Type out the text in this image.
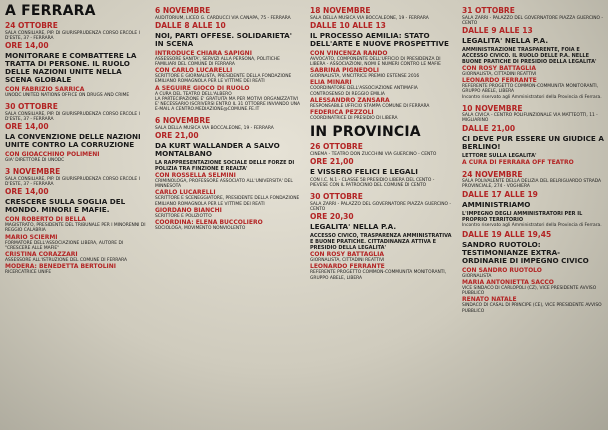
A FERRARA
24 OTTOBRE
SALA CONSILIARE, PIP. DI GIURISPRUDENZA CORSO ERCOLE I D'ESTE, 37 - FERRARA
ORE 14,00
MONITORARE E COMBATTERE LA TRATTA DI PERSONE. IL RUOLO DELLE NAZIONI UNITE NELLA SCENA GLOBALE
CON FABRIZIO SARRICA
UNODC UNITED NATIONS OFFICE ON DRUGS AND CRIME
30 OTTOBRE
SALA CONSILIARE, PIP. DI GIURISPRUDENZA CORSO ERCOLE I D'ESTE, 37 - FERRARA
ORE 14,00
LA CONVENZIONE DELLE NAZIONI UNITE CONTRO LA CORRUZIONE
CON GIOACCHINO POLIMENI
GIA' DIRETTORE DI UNODC
3 NOVEMBRE
SALA CONSILIARE, PIP. DI GIURISPRUDENZA CORSO ERCOLE I D'ESTE, 37 - FERRARA
ORE 14,00
CRESCERE SULLA SOGLIA DEL MONDO. MINORI E MAFIE.
CON ROBERTO DI BELLA
MAGISTRATO, PRESIDENTE DEL TRIBUNALE PER I MINORENNI DI REGGIO CALABRIA
MARIO SCIERMI
FORMATORE DELL'ASSOCIAZIONE LIBERA, AUTORE DI "CRESCERE ALLE MAFIE"
CRISTINA CORAZZARI
ASSESSORE ALL'ISTRUZIONE DEL COMUNE DI FERRARA
MODERA: BENEDETTA BERTOLINI
RICERCATRICE UNIFE
6 NOVEMBRE
AUDITORIUM, LICEO G. CARDUCCI VIA CANAPA, 75 - FERRARA
DALLE 8 ALLE 10
NOI, PARTI OFFESE. SOLIDARIETA' IN SCENA
INTRODUCE CHIARA SAPIGNI
ASSESSORE SANITA', SERVIZI ALLA PERSONA, POLITICHE FAMILIARI DEL COMUNE DI FERRARA
CON CARLO LUCARELLI
SCRITTORE E GIORNALISTA, PRESIDENTE DELLA FONDAZIONE EMILIANO ROMAGNOLA PER LE VITTIME DEI REATI
A SEGUIRE GIOCO DI RUOLO
A CURA DEL TEATRO DELL'ALBERO
LA PARTECIPAZIONE E' GRATUITA MA PER MOTIVI ORGANIZZATIVI E' NECESSARIO ISCRIVERSI ENTRO IL 31 OTTOBRE INVIANDO UNA E-MAIL A CENTRO.MEDIAZIONE@COMUNE.FE.IT
6 NOVEMBRE
SALA DELLA MUSICA VIA BOCCALEONE, 19 - FERRARA
ORE 21,00
DA KURT WALLANDER A SALVO MONTALBANO
LA RAPPRESENTAZIONE SOCIALE DELLE FORZE DI POLIZIA TRA FINZIONE E REALTA'
CON ROSSELLA SELMINI
CRIMINOLOGA, PROFESSORE ASSOCIATO ALL'UNIVERSITA' DEL MINNESOTA
CARLO LUCARELLI
SCRITTORE E SCENEGGIATORE, PRESIDENTE DELLA FONDAZIONE EMILIANO ROMAGNOLA PER LE VITTIME DEI REATI
GIORDANO BIANCHI
SCRITTORE E POLIZIOTTO
COORDINA: ELENA BUCCOLIERO
SOCIOLOGA, MOVIMENTO NONVIOLENTO
18 NOVEMBRE
SALA DELLA MUSICA VIA BOCCALEONE, 19 - FERRARA
DALLE 10 ALLE 13
IL PROCESSO AEMILIA: STATO DELL'ARTE E NUOVE PROSPETTIVE
CON VINCENZA RANDO
AVVOCATO, COMPONENTE DELL'UFFICIO DI PRESIDENZA DI LIBERA - ASSOCIAZIONI, NOMI E NUMERI CONTRO LE MAFIE
SABRINA PIGNEDOLI
GIORNALISTA, VINCITRICE PREMIO ESTENSE 2016
ELIA MINARI
COORDINATORE DELL'ASSOCIAZIONE ANTIMAFIA CONTROSENSO DI REGGIO EMILIA
ALESSANDRO ZANSARA
RESPONSABILE UFFICIO STAMPA COMUNE DI FERRARA
FEDERICA PEZZOLI
COORDINATRICE DI PRESIDIO DI LIBERA
IN PROVINCIA
26 OTTOBRE
CINEMA - TEATRO DON ZUCCHINI VIA GUERCINO - CENTO
ORE 21,00
E VISSERO FELICI E LEGALI
CON I.C. N.1 - CLASSE 5B PRESIDIO LIBERA DEL CENTO - PIEVESE CON IL PATROCINIO DEL COMUNE DI CENTO
30 OTTOBRE
SALA ZARRI - PALAZZO DEL GOVERNATORE PIAZZA GUERCINO - CENTO
ORE 20,30
LEGALITA' NELLA P.A.
ACCESSO CIVICO, TRASPARENZA AMMINISTRATIVA E BUONE PRATICHE. CITTADINANZA ATTIVA E PRESIDIO DELLA LEGALITA'
CON ROSY BATTAGLIA
GIORNALISTA, CITTADINI REATTIVI
LEONARDO FERRANTE
REFERENTE PROGETTO COMMON-COMMUNITA MONITORANTI, GRUPPO ABELE, LIBERA
31 OTTOBRE
SALA ZARRI - PALAZZO DEL GOVERNATORE PIAZZA GUERCINO - CENTO
DALLE 9 ALLE 13
LEGALITA' NELLA P.A.
AMMINISTRAZIONE TRASPARENTE, FOIA E ACCESSO CIVICO. IL RUOLO DELLE P.A. NELLE BUONE PRATICHE DI PRESIDIO DELLA LEGALITA'
CON ROSY BATTAGLIA
GIORNALISTA, CITTADINI REATTIVI
LEONARDO FERRANTE
REFERENTE PROGETTO COMMON-COMMUNITA MONITORANTI, GRUPPO ABELE, LIBERA
Incontro riservato agli Amministratori della Provincia di Ferrara.
10 NOVEMBRE
SALA CIVICA - CENTRO POLIFUNZIONALE VIA MATTEOTTI, 11 - MIGLIARINO
DALLE 21,00
CI DEVE PUR ESSERE UN GIUDICE A BERLINO!
LETTORE SULLA LEGALITA'
A CURA DI FERRARA OFF TEATRO
24 NOVEMBRE
SALA POLIVALENTE DELLA DELIZIA DEL BELRIGUARDO STRADA PROVINCIALE, 274 - VOGHIERA
DALLE 17 ALLE 19
AMMINISTRIAMO
L'IMPEGNO DEGLI AMMINISTRATORI PER IL PROPRIO TERRITORIO
Incontro riservato agli Amministratori della Provincia di Ferrara.
DALLE 19 ALLE 19,45
SANDRO RUOTOLO: TESTIMONIANZE EXTRA-ORDINARIE DI IMPEGNO CIVICO
CON SANDRO RUOTOLO
GIORNALISTA
MARIA ANTONIETTA SACCO
VICE SINDACO DI CARLOPOLI (CZ), VICE PRESIDENTE AVVISO PUBBLICO
RENATO NATALE
SINDACO DI CASAL DI PRINCIPE (CE), VICE PRESIDENTE AVVISO PUBBLICO
